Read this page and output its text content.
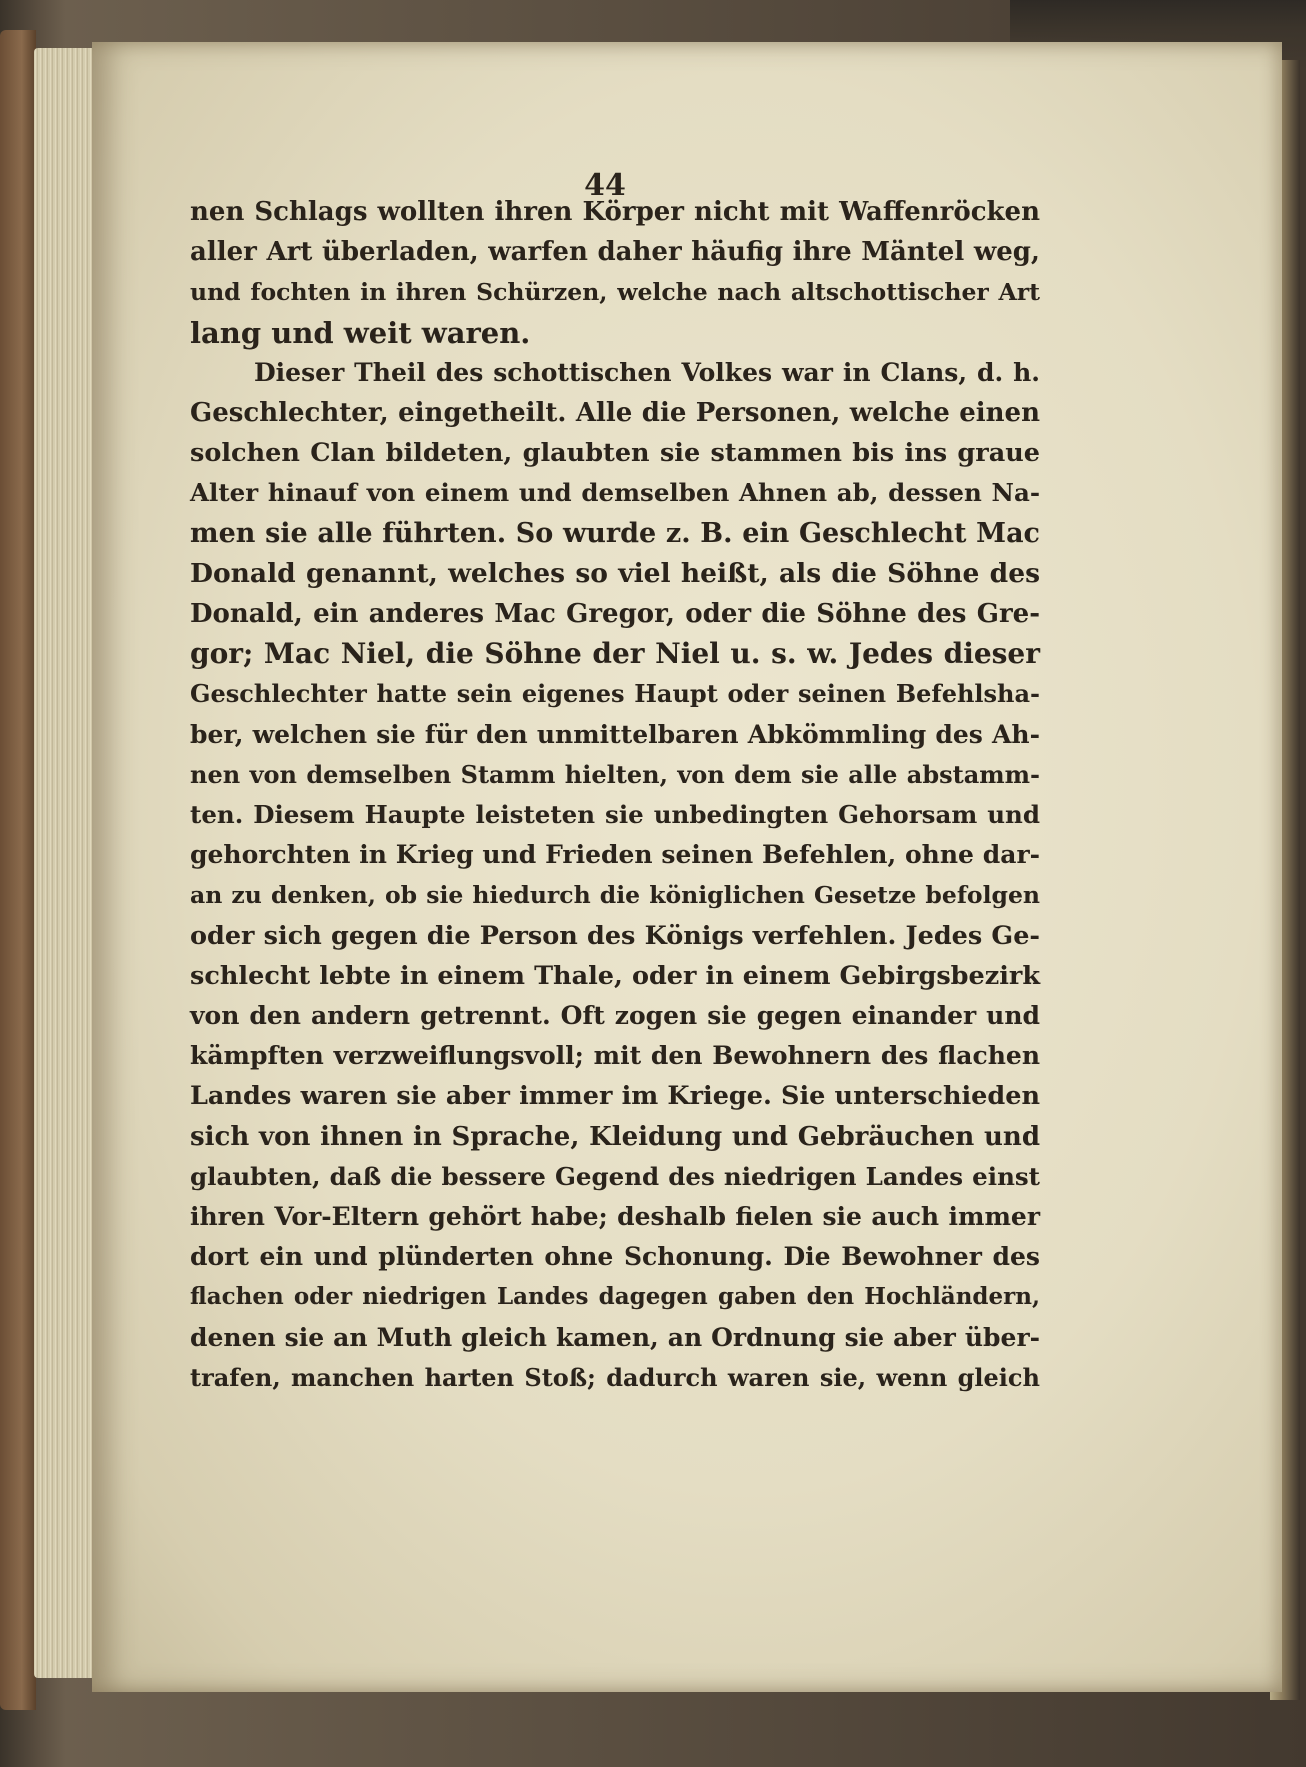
44
nen Schlags wollten ihren Körper nicht mit Waffenröcken
aller Art überladen, warfen daher häufig ihre Mäntel weg,
und fochten in ihren Schürzen, welche nach altschottischer Art
lang und weit waren.
Dieser Theil des schottischen Volkes war in Clans, d. h.
Geschlechter, eingetheilt. Alle die Personen, welche einen
solchen Clan bildeten, glaubten sie stammen bis ins graue
Alter hinauf von einem und demselben Ahnen ab, dessen Na-
men sie alle führten. So wurde z. B. ein Geschlecht Mac
Donald genannt, welches so viel heißt, als die Söhne des
Donald, ein anderes Mac Gregor, oder die Söhne des Gre-
gor; Mac Niel, die Söhne der Niel u. s. w. Jedes dieser
Geschlechter hatte sein eigenes Haupt oder seinen Befehlsha-
ber, welchen sie für den unmittelbaren Abkömmling des Ah-
nen von demselben Stamm hielten, von dem sie alle abstamm-
ten. Diesem Haupte leisteten sie unbedingten Gehorsam und
gehorchten in Krieg und Frieden seinen Befehlen, ohne dar-
an zu denken, ob sie hiedurch die königlichen Gesetze befolgen
oder sich gegen die Person des Königs verfehlen. Jedes Ge-
schlecht lebte in einem Thale, oder in einem Gebirgsbezirk
von den andern getrennt. Oft zogen sie gegen einander und
kämpften verzweiflungsvoll; mit den Bewohnern des flachen
Landes waren sie aber immer im Kriege. Sie unterschieden
sich von ihnen in Sprache, Kleidung und Gebräuchen und
glaubten, daß die bessere Gegend des niedrigen Landes einst
ihren Vor-Eltern gehört habe; deshalb fielen sie auch immer
dort ein und plünderten ohne Schonung. Die Bewohner des
flachen oder niedrigen Landes dagegen gaben den Hochländern,
denen sie an Muth gleich kamen, an Ordnung sie aber über-
trafen, manchen harten Stoß; dadurch waren sie, wenn gleich
